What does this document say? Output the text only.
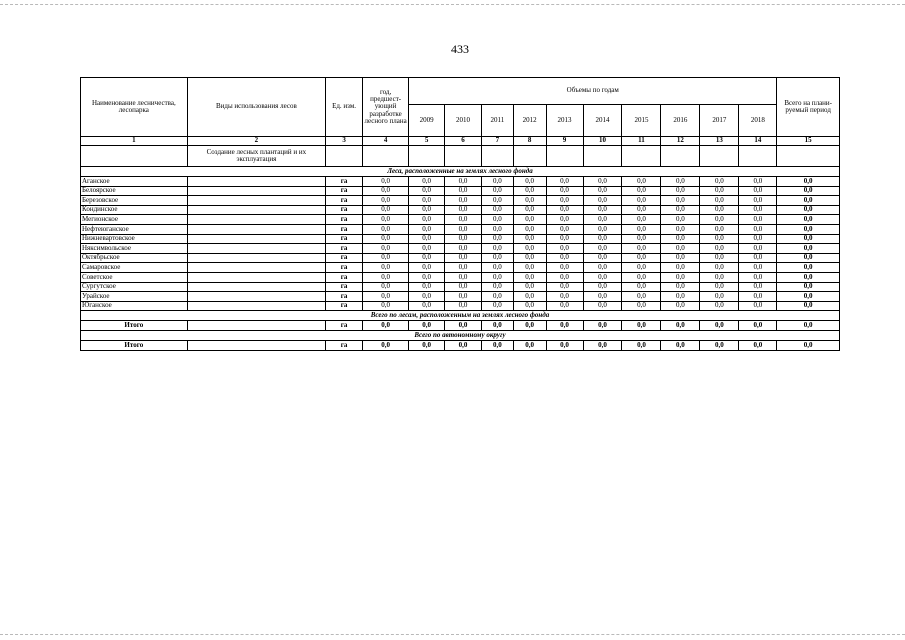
433
Наименование лесничества, лесопарка	Виды использования лесов	Ед. изм.	год, предшест-ующий разработке лесного плана	Объемы по годам										Всего на плани-руемый период
				2009	2010	2011	2012	2013	2014	2015	2016	2017	2018	
1	2	3	4	5	6	7	8	9	10	11	12	13	14	15
	Создание лесных плантаций и их эксплуатация													
Леса, расположенные на землях лесного фонда														
Аганское		га	0,0	0,0	0,0	0,0	0,0	0,0	0,0	0,0	0,0	0,0	0,0	0,0
Белоярское		га	0,0	0,0	0,0	0,0	0,0	0,0	0,0	0,0	0,0	0,0	0,0	0,0
Березовское		га	0,0	0,0	0,0	0,0	0,0	0,0	0,0	0,0	0,0	0,0	0,0	0,0
Кондинское		га	0,0	0,0	0,0	0,0	0,0	0,0	0,0	0,0	0,0	0,0	0,0	0,0
Мегионское		га	0,0	0,0	0,0	0,0	0,0	0,0	0,0	0,0	0,0	0,0	0,0	0,0
Нефтеюганское		га	0,0	0,0	0,0	0,0	0,0	0,0	0,0	0,0	0,0	0,0	0,0	0,0
Нижневартовское		га	0,0	0,0	0,0	0,0	0,0	0,0	0,0	0,0	0,0	0,0	0,0	0,0
Няксимвольское		га	0,0	0,0	0,0	0,0	0,0	0,0	0,0	0,0	0,0	0,0	0,0	0,0
Октябрьское		га	0,0	0,0	0,0	0,0	0,0	0,0	0,0	0,0	0,0	0,0	0,0	0,0
Самаровское		га	0,0	0,0	0,0	0,0	0,0	0,0	0,0	0,0	0,0	0,0	0,0	0,0
Советское		га	0,0	0,0	0,0	0,0	0,0	0,0	0,0	0,0	0,0	0,0	0,0	0,0
Сургутское		га	0,0	0,0	0,0	0,0	0,0	0,0	0,0	0,0	0,0	0,0	0,0	0,0
Урайское		га	0,0	0,0	0,0	0,0	0,0	0,0	0,0	0,0	0,0	0,0	0,0	0,0
Юганское		га	0,0	0,0	0,0	0,0	0,0	0,0	0,0	0,0	0,0	0,0	0,0	0,0
Всего по лесам, расположенным на землях лесного фонда														
Итого		га	0,0	0,0	0,0	0,0	0,0	0,0	0,0	0,0	0,0	0,0	0,0	0,0
Всего по автономному округу														
Итого		га	0,0	0,0	0,0	0,0	0,0	0,0	0,0	0,0	0,0	0,0	0,0	0,0
